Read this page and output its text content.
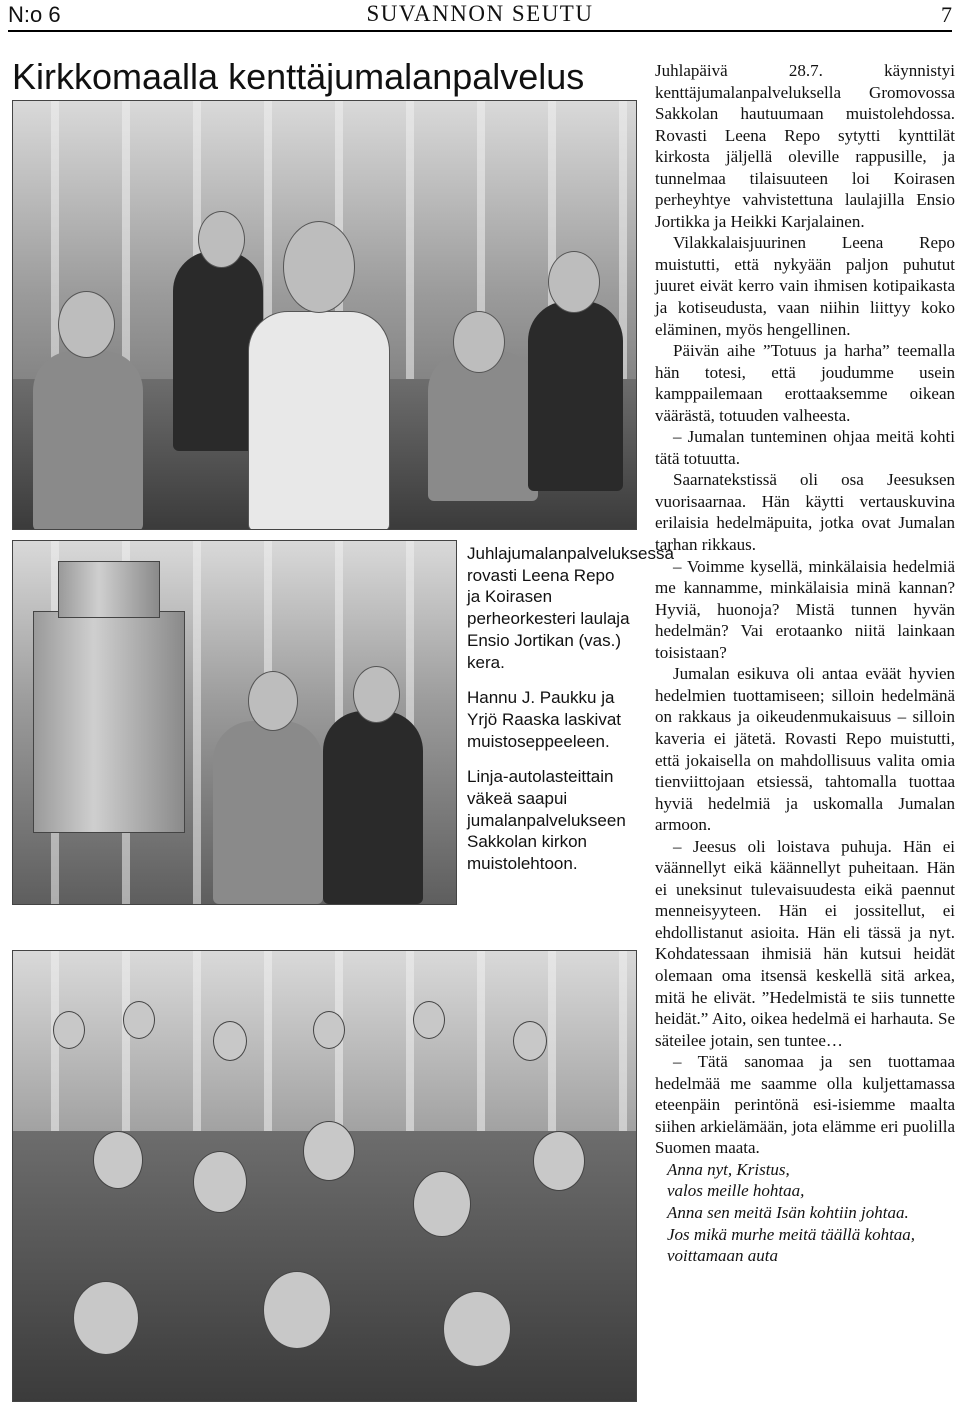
N:o 6	SUVANNON SEUTU	7
Kirkkomaalla kenttäjumalanpalvelus

Juhlajumalanpalveluksessa rovasti Leena Repo ja Koirasen perheorkesteri laulaja Ensio Jortikan (vas.) kera.

Hannu J. Paukku ja Yrjö Raaska laskivat muistoseppeeleen.

Linja-autolasteittain väkeä saapui jumalanpalvelukseen Sakkolan kirkon muistolehtoon.

Juhlapäivä 28.7. käynnistyi kenttäjumalanpalveluksella Gromovossa Sakkolan hautuumaan muistolehdossa. Rovasti Leena Repo sytytti kynttilät kirkosta jäljellä oleville rappusille, ja tunnelmaa tilaisuuteen loi Koirasen perheyhtye vahvistettuna laulajilla Ensio Jortikka ja Heikki Karjalainen.

Vilakkalaisjuurinen Leena Repo muistutti, että nykyään paljon puhutut juuret eivät kerro vain ihmisen kotipaikasta ja kotiseudusta, vaan niihin liittyy koko eläminen, myös hengellinen.

Päivän aihe ”Totuus ja harha” teemalla hän totesi, että joudumme usein kamppailemaan erottaaksemme oikean väärästä, totuuden valheesta.

– Jumalan tunteminen ohjaa meitä kohti tätä totuutta.

Saarnatekstissä oli osa Jeesuksen vuorisaarnaa. Hän käytti vertauskuvina erilaisia hedelmäpuita, jotka ovat Jumalan tarhan rikkaus.

– Voimme kysellä, minkälaisia hedelmiä me kannamme, minkälaisia minä kannan? Hyviä, huonoja? Mistä tunnen hyvän hedelmän? Vai erotaanko niitä lainkaan toisistaan?

Jumalan esikuva oli antaa eväät hyvien hedelmien tuottamiseen; silloin hedelmänä on rakkaus ja oikeudenmukaisuus – silloin kaveria ei jätetä. Rovasti Repo muistutti, että jokaisella on mahdollisuus valita omia tienviittojaan etsiessä, tahtomalla tuottaa hyviä hedelmiä ja uskomalla Jumalan armoon.

– Jeesus oli loistava puhuja. Hän ei väännellyt eikä käännellyt puheitaan. Hän ei uneksinut tulevaisuudesta eikä paennut menneisyyteen. Hän ei jossitellut, ei ehdollistanut asioita. Hän eli tässä ja nyt. Kohdatessaan ihmisiä hän kutsui heidät olemaan oma itsensä keskellä sitä arkea, mitä he elivät. ”Hedelmistä te siis tunnette heidät.” Aito, oikea hedelmä ei harhauta. Se säteilee jotain, sen tuntee…

– Tätä sanomaa ja sen tuottamaa hedelmää me saamme olla kuljettamassa eteenpäin perintönä esi-isiemme maalta siihen arkielämään, jota elämme eri puolilla Suomen maata.

Anna nyt, Kristus,

valos meille hohtaa,

Anna sen meitä Isän kohtiin johtaa.

Jos mikä murhe meitä täällä kohtaa,

voittamaan auta
